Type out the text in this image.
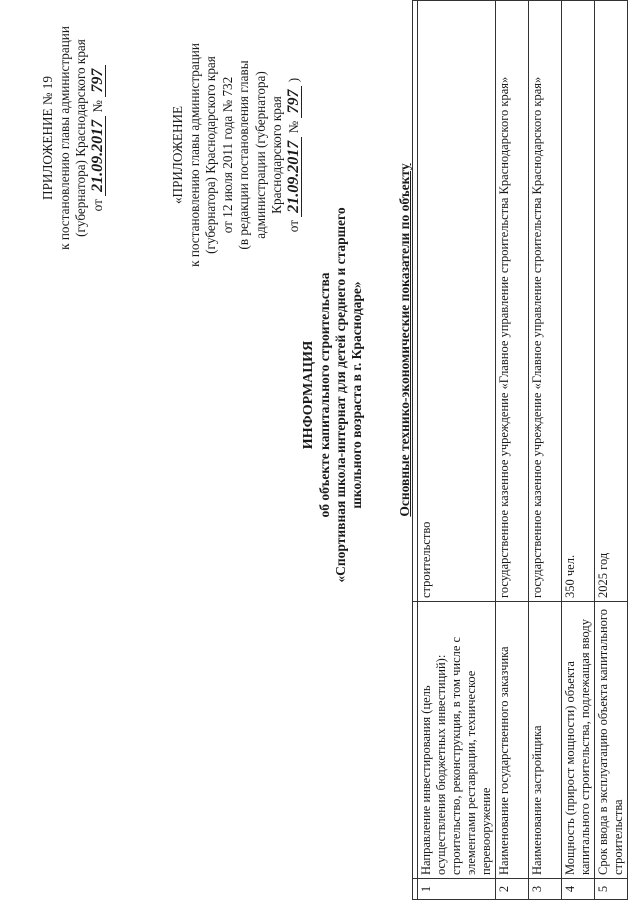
ПРИЛОЖЕНИЕ № 19 к постановлению главы администрации (губернатора) Краснодарского края от 21.09.2017 № 797
«ПРИЛОЖЕНИЕ к постановлению главы администрации (губернатора) Краснодарского края от 12 июля 2011 года № 732 (в редакции постановления главы администрации (губернатора) Краснодарского края
от 21.09.2017 № 797 )
ИНФОРМАЦИЯ об объекте капитального строительства «Спортивная школа-интернат для детей среднего и старшего школьного возраста в г. Краснодаре» Основные технико-экономические показатели по объекту

1	Направление инвестирования (цель осуществления бюджетных инвестиций): строительство, реконструкция, в том числе с элементами реставрации, техническое перевооружение	строительство
2	Наименование государственного заказчика	государственное казенное учреждение «Главное управление строительства Краснодарского края»
3	Наименование застройщика	государственное казенное учреждение «Главное управление строительства Краснодарского края»
4	Мощность (прирост мощности) объекта капитального строительства, подлежащая вводу	350 чел.
5	Срок ввода в эксплуатацию объекта капитального строительства	2025 год
